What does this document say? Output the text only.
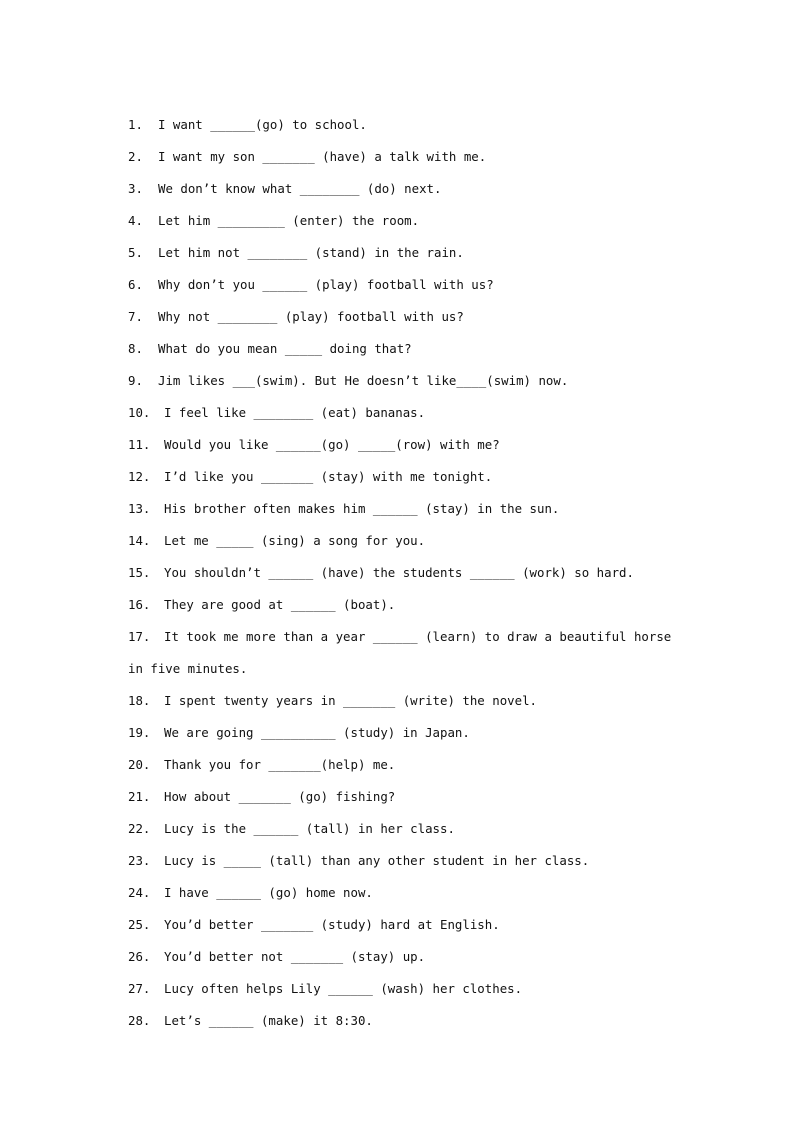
1.	I want ______(go) to school.
2.	I want my son _______ (have) a talk with me.
3.	We don’t know what ________ (do) next.
4.	Let him _________ (enter) the room.
5.	Let him not ________ (stand) in the rain.
6.	Why don’t you ______ (play) football with us?
7.	Why not ________ (play) football with us?
8.	What do you mean _____ doing that?
9.	Jim likes ___(swim). But He doesn’t like____(swim) now.
10.	I feel like ________ (eat) bananas.
11.	Would you like ______(go) _____(row) with me?
12.	I’d like you _______ (stay) with me tonight.
13.	His brother often makes him ______ (stay) in the sun.
14.	Let me _____ (sing) a song for you.
15.	You shouldn’t ______ (have) the students ______ (work) so hard.
16.	They are good at ______ (boat).
17. It took me more than a year ______ (learn) to draw a beautiful horse in five minutes.
18.	I spent twenty years in _______ (write) the novel.
19.	We are going __________ (study) in Japan.
20.	Thank you for _______(help) me.
21.	How about _______ (go) fishing?
22.	Lucy is the ______ (tall) in her class.
23.	Lucy is _____ (tall) than any other student in her class.
24.	I have ______ (go) home now.
25.	You’d better _______ (study) hard at English.
26.	You’d better not _______ (stay) up.
27.	Lucy often helps Lily ______ (wash) her clothes.
28.	Let’s ______ (make) it 8:30.
